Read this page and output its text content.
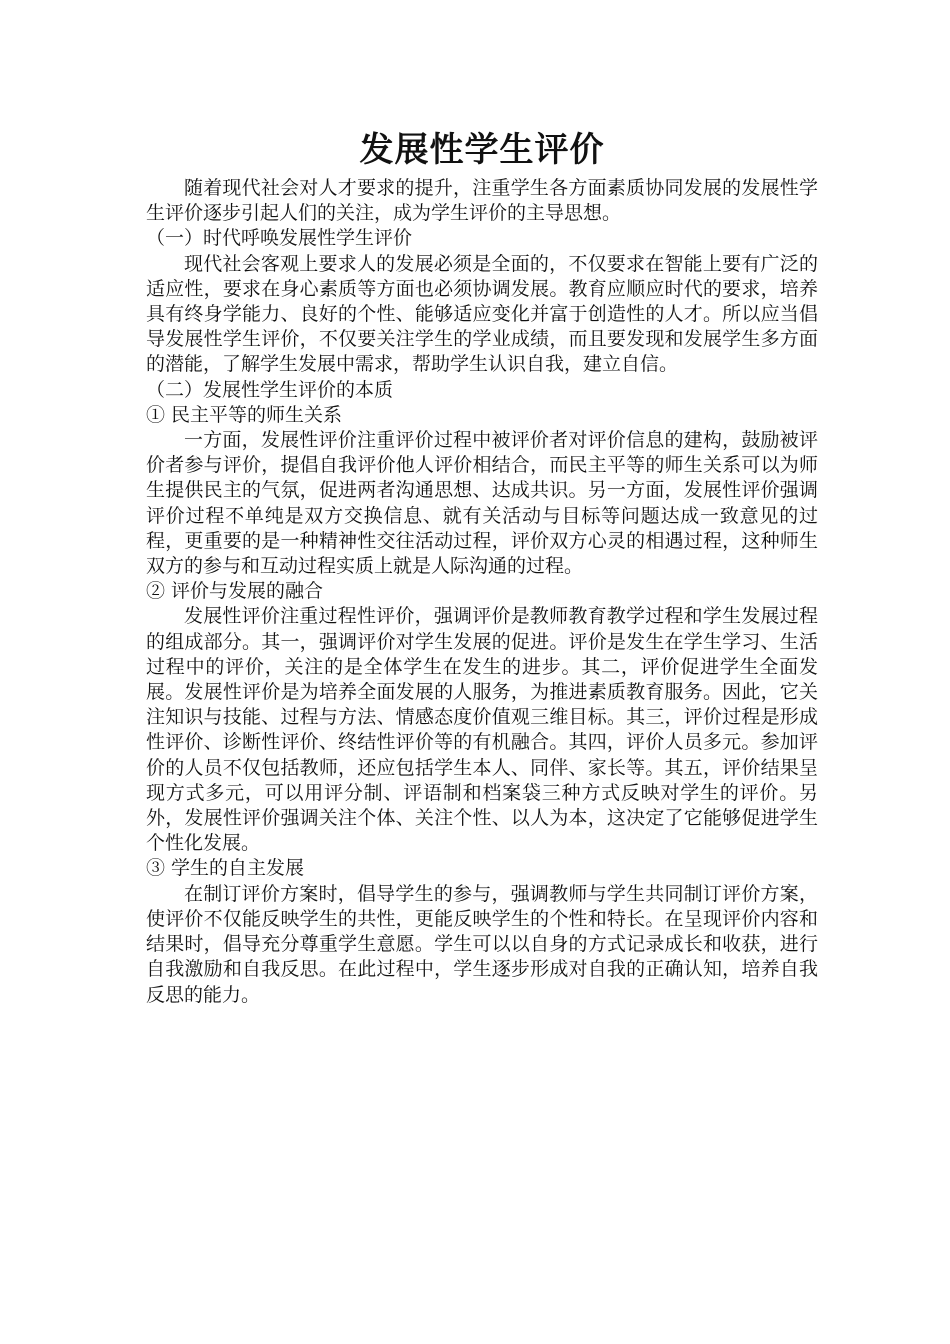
发展性学生评价

随着现代社会对人才要求的提升，注重学生各方面素质协同发展的发展性学生评价逐步引起人们的关注，成为学生评价的主导思想。

（一）时代呼唤发展性学生评价

现代社会客观上要求人的发展必须是全面的，不仅要求在智能上要有广泛的适应性，要求在身心素质等方面也必须协调发展。教育应顺应时代的要求，培养具有终身学能力、良好的个性、能够适应变化并富于创造性的人才。所以应当倡导发展性学生评价，不仅要关注学生的学业成绩，而且要发现和发展学生多方面的潜能，了解学生发展中需求，帮助学生认识自我，建立自信。

（二）发展性学生评价的本质

① 民主平等的师生关系

一方面，发展性评价注重评价过程中被评价者对评价信息的建构，鼓励被评价者参与评价，提倡自我评价他人评价相结合，而民主平等的师生关系可以为师生提供民主的气氛，促进两者沟通思想、达成共识。另一方面，发展性评价强调评价过程不单纯是双方交换信息、就有关活动与目标等问题达成一致意见的过程，更重要的是一种精神性交往活动过程，评价双方心灵的相遇过程，这种师生双方的参与和互动过程实质上就是人际沟通的过程。

② 评价与发展的融合

发展性评价注重过程性评价，强调评价是教师教育教学过程和学生发展过程的组成部分。其一，强调评价对学生发展的促进。评价是发生在学生学习、生活过程中的评价，关注的是全体学生在发生的进步。其二，评价促进学生全面发展。发展性评价是为培养全面发展的人服务，为推进素质教育服务。因此，它关注知识与技能、过程与方法、情感态度价值观三维目标。其三，评价过程是形成性评价、诊断性评价、终结性评价等的有机融合。其四，评价人员多元。参加评价的人员不仅包括教师，还应包括学生本人、同伴、家长等。其五，评价结果呈现方式多元，可以用评分制、评语制和档案袋三种方式反映对学生的评价。另外，发展性评价强调关注个体、关注个性、以人为本，这决定了它能够促进学生个性化发展。

③ 学生的自主发展

在制订评价方案时，倡导学生的参与，强调教师与学生共同制订评价方案，使评价不仅能反映学生的共性，更能反映学生的个性和特长。在呈现评价内容和结果时，倡导充分尊重学生意愿。学生可以以自身的方式记录成长和收获，进行自我激励和自我反思。在此过程中，学生逐步形成对自我的正确认知，培养自我反思的能力。
